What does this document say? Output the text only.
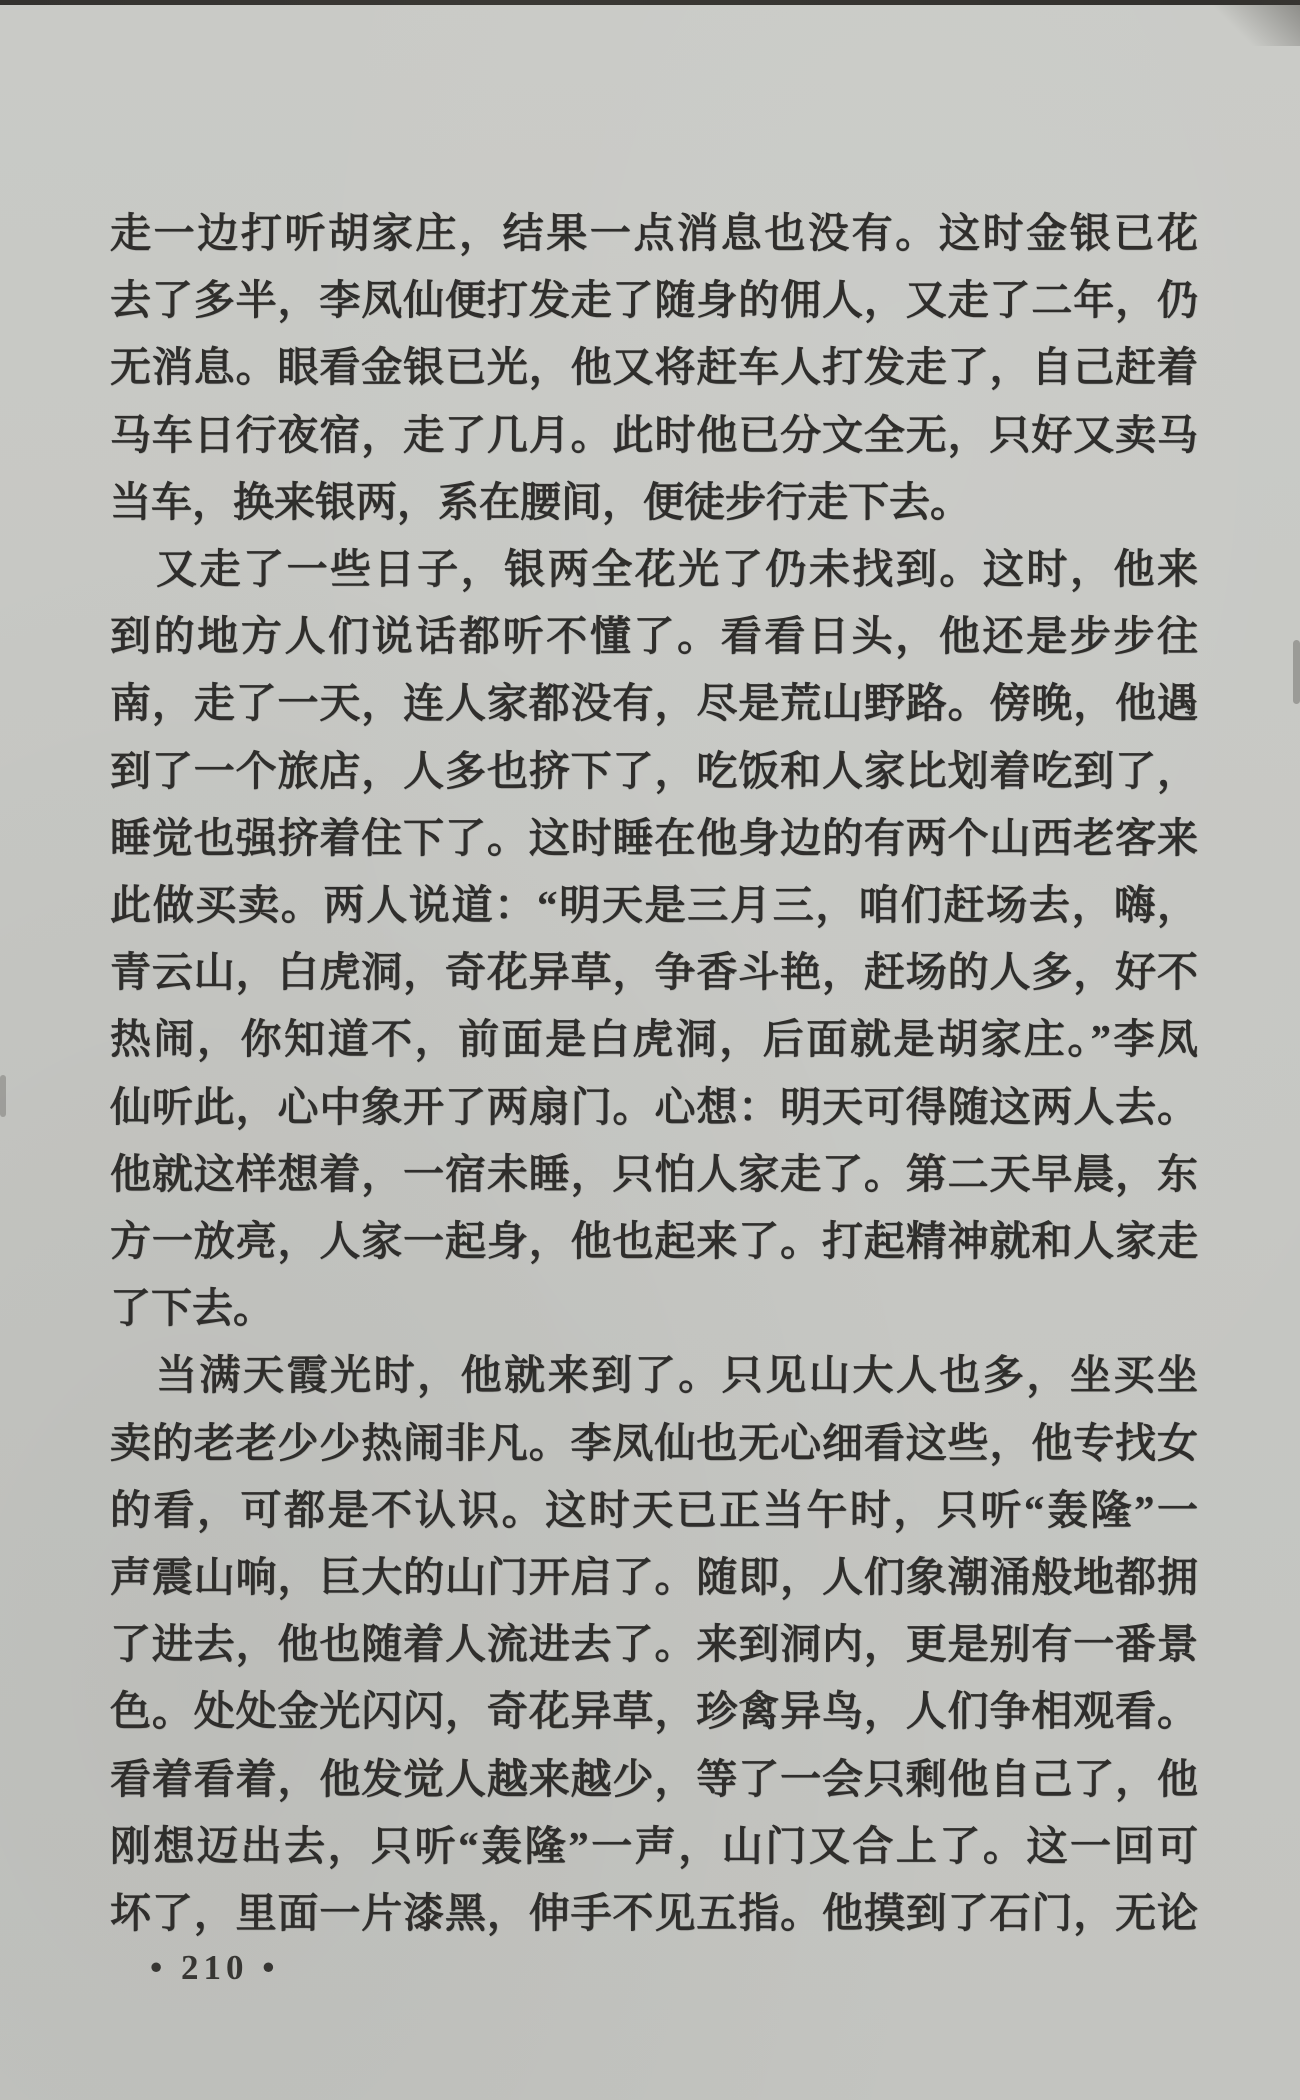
走一边打听胡家庄，结果一点消息也没有。这时金银已花
去了多半，李凤仙便打发走了随身的佣人，又走了二年，仍
无消息。眼看金银已光，他又将赶车人打发走了，自己赶着
马车日行夜宿，走了几月。此时他已分文全无，只好又卖马
当车，换来银两，系在腰间，便徒步行走下去。
又走了一些日子，银两全花光了仍未找到。这时，他来
到的地方人们说话都听不懂了。看看日头，他还是步步往
南，走了一天，连人家都没有，尽是荒山野路。傍晚，他遇
到了一个旅店，人多也挤下了，吃饭和人家比划着吃到了，
睡觉也强挤着住下了。这时睡在他身边的有两个山西老客来
此做买卖。两人说道：“明天是三月三，咱们赶场去，嗨，
青云山，白虎洞，奇花异草，争香斗艳，赶场的人多，好不
热闹，你知道不，前面是白虎洞，后面就是胡家庄。”李凤
仙听此，心中象开了两扇门。心想：明天可得随这两人去。
他就这样想着，一宿未睡，只怕人家走了。第二天早晨，东
方一放亮，人家一起身，他也起来了。打起精神就和人家走
了下去。
当满天霞光时，他就来到了。只见山大人也多，坐买坐
卖的老老少少热闹非凡。李凤仙也无心细看这些，他专找女
的看，可都是不认识。这时天已正当午时，只听“轰隆”一
声震山响，巨大的山门开启了。随即，人们象潮涌般地都拥
了进去，他也随着人流进去了。来到洞内，更是别有一番景
色。处处金光闪闪，奇花异草，珍禽异鸟，人们争相观看。
看着看着，他发觉人越来越少，等了一会只剩他自己了，他
刚想迈出去，只听“轰隆”一声，山门又合上了。这一回可
坏了，里面一片漆黑，伸手不见五指。他摸到了石门，无论
• 210 •
